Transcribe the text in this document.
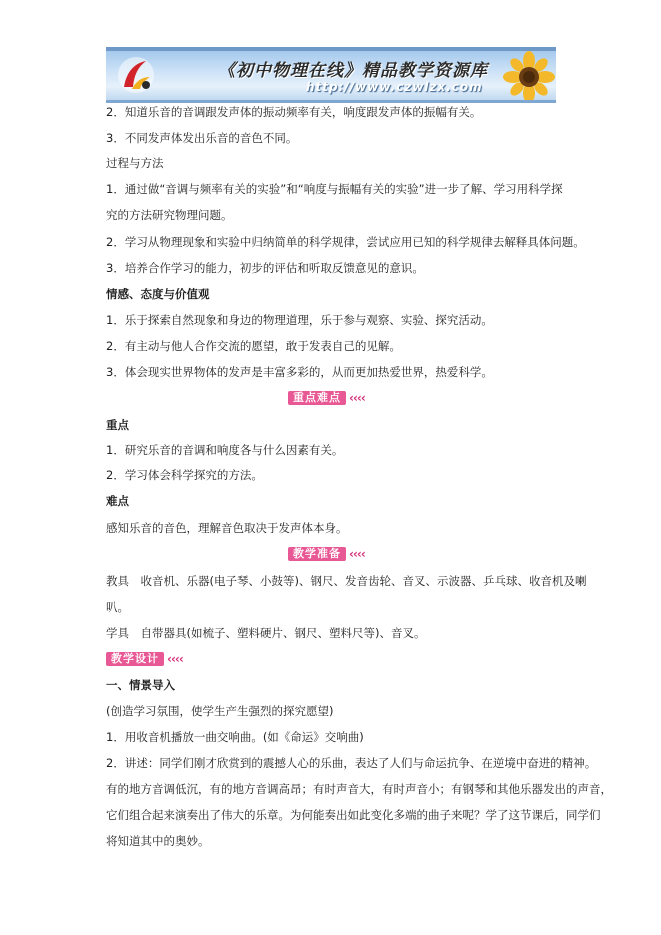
《初中物理在线》精品教学资源库
http://www.czwlzx.com
2．知道乐音的音调跟发声体的振动频率有关，响度跟发声体的振幅有关。
3．不同发声体发出乐音的音色不同。
过程与方法
1．通过做“音调与频率有关的实验”和“响度与振幅有关的实验”进一步了解、学习用科学探
究的方法研究物理问题。
2．学习从物理现象和实验中归纳简单的科学规律，尝试应用已知的科学规律去解释具体问题。
3．培养合作学习的能力，初步的评估和听取反馈意见的意识。
情感、态度与价值观
1．乐于探索自然现象和身边的物理道理，乐于参与观察、实验、探究活动。
2．有主动与他人合作交流的愿望，敢于发表自己的见解。
3．体会现实世界物体的发声是丰富多彩的，从而更加热爱世界，热爱科学。
重点难点 ‹‹‹‹
重点
1．研究乐音的音调和响度各与什么因素有关。
2．学习体会科学探究的方法。
难点
感知乐音的音色，理解音色取决于发声体本身。
教学准备 ‹‹‹‹
教具　收音机、乐器(电子琴、小鼓等)、钢尺、发音齿轮、音叉、示波器、乒乓球、收音机及喇
叭。
学具　自带器具(如梳子、塑料硬片、钢尺、塑料尺等)、音叉。
教学设计 ‹‹‹‹
一、情景导入
(创造学习氛围，使学生产生强烈的探究愿望)
1．用收音机播放一曲交响曲。(如《命运》交响曲)
2．讲述：同学们刚才欣赏到的震撼人心的乐曲，表达了人们与命运抗争、在逆境中奋进的精神。
有的地方音调低沉，有的地方音调高昂；有时声音大，有时声音小；有钢琴和其他乐器发出的声音，
它们组合起来演奏出了伟大的乐章。为何能奏出如此变化多端的曲子来呢？学了这节课后，同学们
将知道其中的奥妙。
